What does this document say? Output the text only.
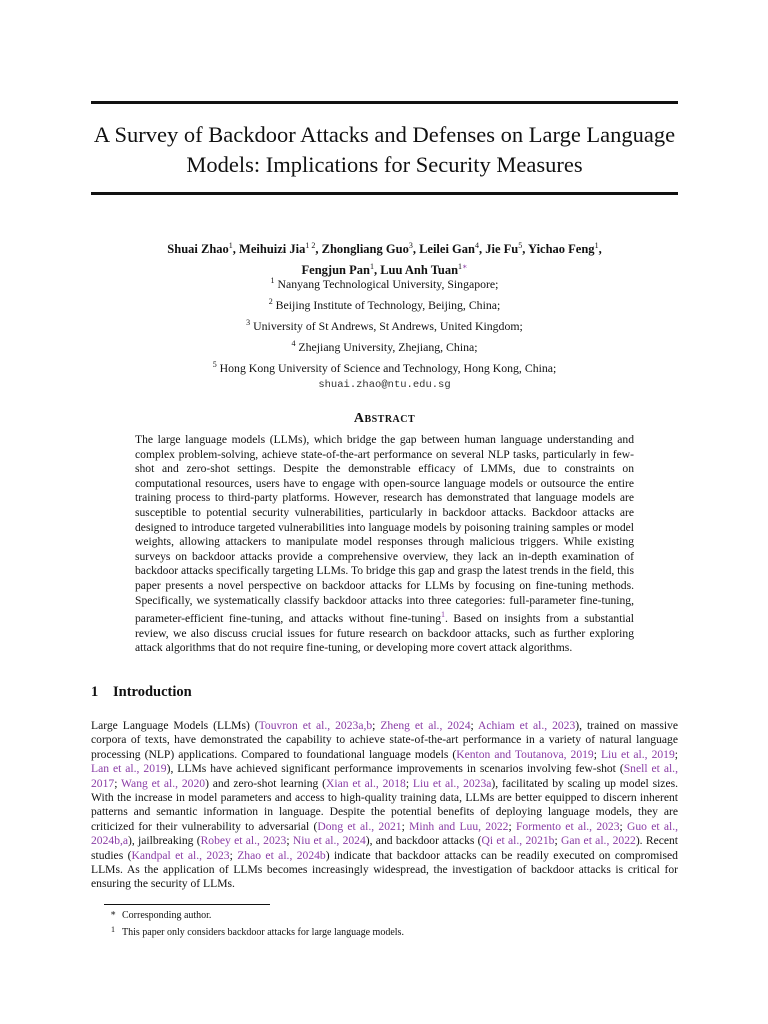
A Survey of Backdoor Attacks and Defenses on Large Language Models: Implications for Security Measures
Shuai Zhao$^1$, Meihuizi Jia$^{1 2}$, Zhongliang Guo$^3$, Leilei Gan$^4$, Jie Fu$^5$, Yichao Feng$^1$,
Fengjun Pan$^1$, Luu Anh Tuan$^{1∗}$
$^1$ Nanyang Technological University, Singapore;
$^2$ Beijing Institute of Technology, Beijing, China;
$^3$ University of St Andrews, St Andrews, United Kingdom;
$^4$ Zhejiang University, Zhejiang, China;
$^5$ Hong Kong University of Science and Technology, Hong Kong, China;
shuai.zhao@ntu.edu.sg
Abstract

The large language models (LLMs), which bridge the gap between human language understanding and complex problem-solving, achieve state-of-the-art performance on several NLP tasks, particularly in few-shot and zero-shot settings. Despite the demonstrable efficacy of LMMs, due to constraints on computational resources, users have to engage with open-source language models or outsource the entire training process to third-party platforms. However, research has demonstrated that language models are susceptible to potential security vulnerabilities, particularly in backdoor attacks. Backdoor attacks are designed to introduce targeted vulnerabilities into language models by poisoning training samples or model weights, allowing attackers to manipulate model responses through malicious triggers. While existing surveys on backdoor attacks provide a comprehensive overview, they lack an in-depth examination of backdoor attacks specifically targeting LLMs. To bridge this gap and grasp the latest trends in the field, this paper presents a novel perspective on backdoor attacks for LLMs by focusing on fine-tuning methods. Specifically, we systematically classify backdoor attacks into three categories: full-parameter fine-tuning, parameter-efficient fine-tuning, and attacks without fine-tuning$^1$. Based on insights from a substantial review, we also discuss crucial issues for future research on backdoor attacks, such as further exploring attack algorithms that do not require fine-tuning, or developing more covert attack algorithms.

1 Introduction

Large Language Models (LLMs) (Touvron et al., 2023a,b; Zheng et al., 2024; Achiam et al., 2023), trained on massive corpora of texts, have demonstrated the capability to achieve state-of-the-art performance in a variety of natural language processing (NLP) applications. Compared to foundational language models (Kenton and Toutanova, 2019; Liu et al., 2019; Lan et al., 2019), LLMs have achieved significant performance improvements in scenarios involving few-shot (Snell et al., 2017; Wang et al., 2020) and zero-shot learning (Xian et al., 2018; Liu et al., 2023a), facilitated by scaling up model sizes. With the increase in model parameters and access to high-quality training data, LLMs are better equipped to discern inherent patterns and semantic information in language. Despite the potential benefits of deploying language models, they are criticized for their vulnerability to adversarial (Dong et al., 2021; Minh and Luu, 2022; Formento et al., 2023; Guo et al., 2024b,a), jailbreaking (Robey et al., 2023; Niu et al., 2024), and backdoor attacks (Qi et al., 2021b; Gan et al., 2022). Recent studies (Kandpal et al., 2023; Zhao et al., 2024b) indicate that backdoor attacks can be readily executed on compromised LLMs. As the application of LLMs becomes increasingly widespread, the investigation of backdoor attacks is critical for ensuring the security of LLMs.

∗ Corresponding author.
1 This paper only considers backdoor attacks for large language models.
